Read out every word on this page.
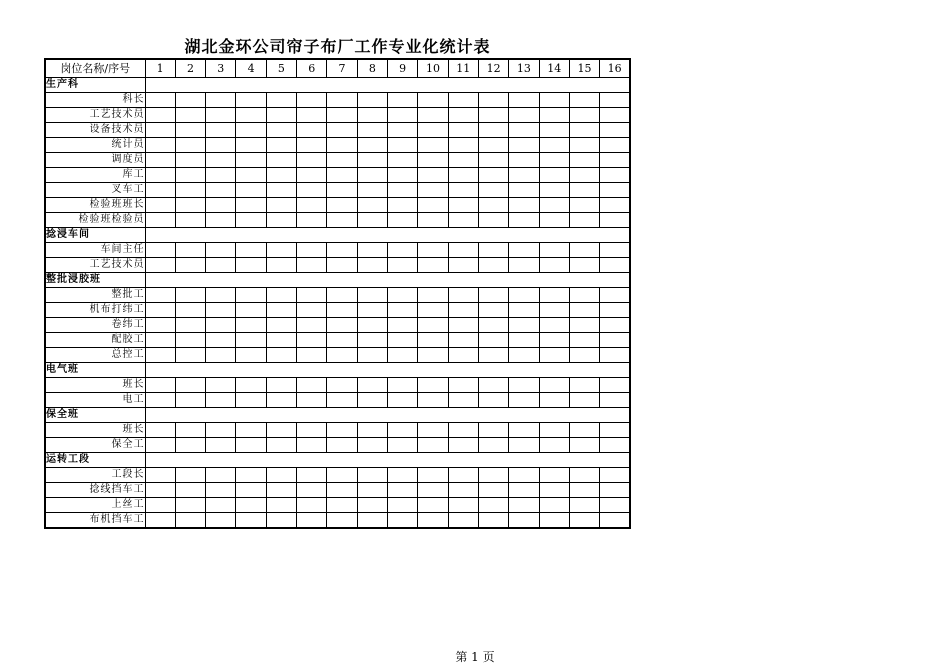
湖北金环公司帘子布厂工作专业化统计表
岗位名称/序号	1	2	3	4	5	6	7	8	9	10	11	12	13	14	15	16
生产科																
科长																
工艺技术员																
设备技术员																
统计员																
调度员																
库工																
叉车工																
检验班班长																
检验班检验员																
捻浸车间																
车间主任																
工艺技术员																
整批浸胶班																
整批工																
机布打纬工																
卷纬工																
配胶工																
总控工																
电气班																
班长																
电工																
保全班																
班长																
保全工																
运转工段																
工段长																
捻线挡车工																
上丝工																
布机挡车工																
第 1 页
